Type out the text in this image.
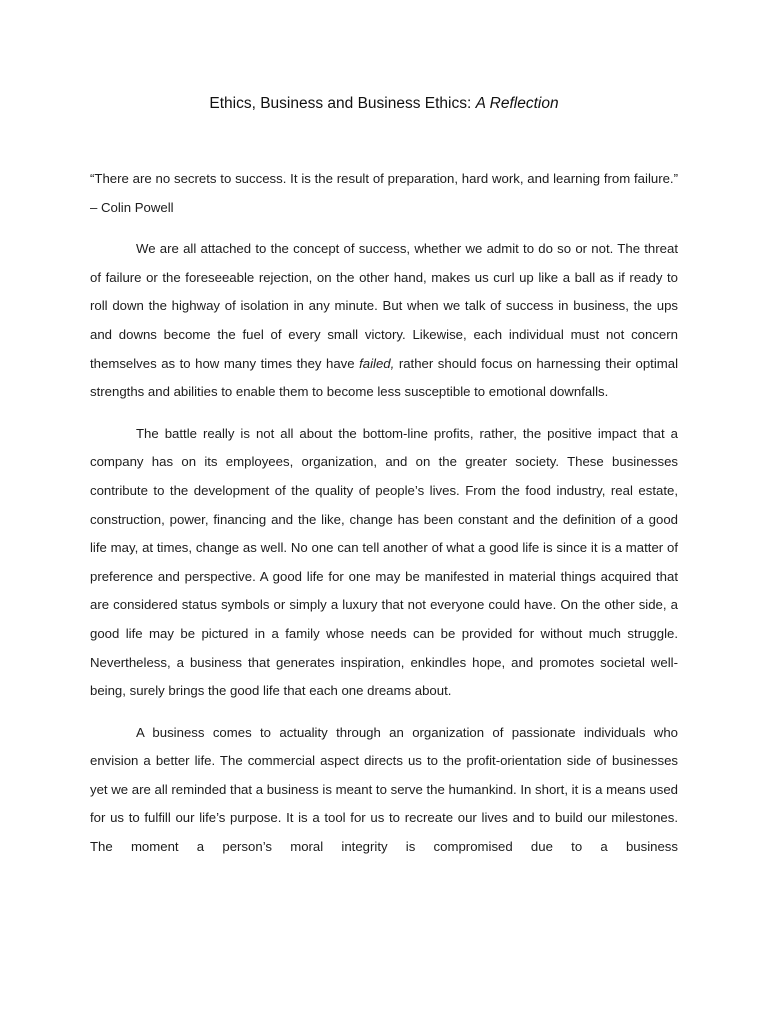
Ethics, Business and Business Ethics: A Reflection

“There are no secrets to success. It is the result of preparation, hard work, and learning from failure.” – Colin Powell

We are all attached to the concept of success, whether we admit to do so or not. The threat of failure or the foreseeable rejection, on the other hand, makes us curl up like a ball as if ready to roll down the highway of isolation in any minute. But when we talk of success in business, the ups and downs become the fuel of every small victory. Likewise, each individual must not concern themselves as to how many times they have failed, rather should focus on harnessing their optimal strengths and abilities to enable them to become less susceptible to emotional downfalls.

The battle really is not all about the bottom-line profits, rather, the positive impact that a company has on its employees, organization, and on the greater society. These businesses contribute to the development of the quality of people’s lives. From the food industry, real estate, construction, power, financing and the like, change has been constant and the definition of a good life may, at times, change as well. No one can tell another of what a good life is since it is a matter of preference and perspective. A good life for one may be manifested in material things acquired that are considered status symbols or simply a luxury that not everyone could have. On the other side, a good life may be pictured in a family whose needs can be provided for without much struggle. Nevertheless, a business that generates inspiration, enkindles hope, and promotes societal well-being, surely brings the good life that each one dreams about.

A business comes to actuality through an organization of passionate individuals who envision a better life. The commercial aspect directs us to the profit-orientation side of businesses yet we are all reminded that a business is meant to serve the humankind. In short, it is a means used for us to fulfill our life’s purpose. It is a tool for us to recreate our lives and to build our milestones. The moment a person’s moral integrity is compromised due to a business
